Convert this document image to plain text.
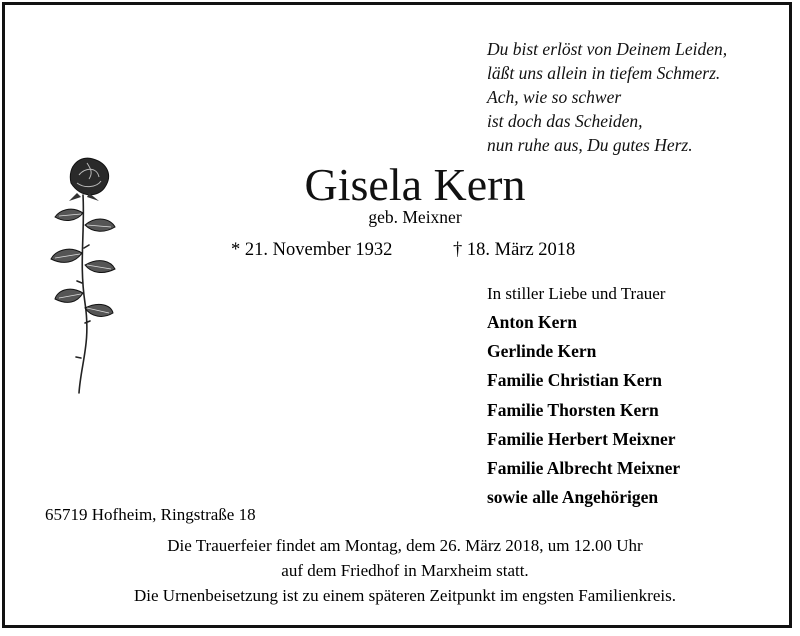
Du bist erlöst von Deinem Leiden,
läßt uns allein in tiefem Schmerz.
Ach, wie so schwer
ist doch das Scheiden,
nun ruhe aus, Du gutes Herz.
Gisela Kern
geb. Meixner
* 21. November 1932	† 18. März 2018
In stiller Liebe und Trauer
Anton Kern
Gerlinde Kern
Familie Christian Kern
Familie Thorsten Kern
Familie Herbert Meixner
Familie Albrecht Meixner
sowie alle Angehörigen
65719 Hofheim, Ringstraße 18
Die Trauerfeier findet am Montag, dem 26. März 2018, um 12.00 Uhr
auf dem Friedhof in Marxheim statt.
Die Urnenbeisetzung ist zu einem späteren Zeitpunkt im engsten Familienkreis.
